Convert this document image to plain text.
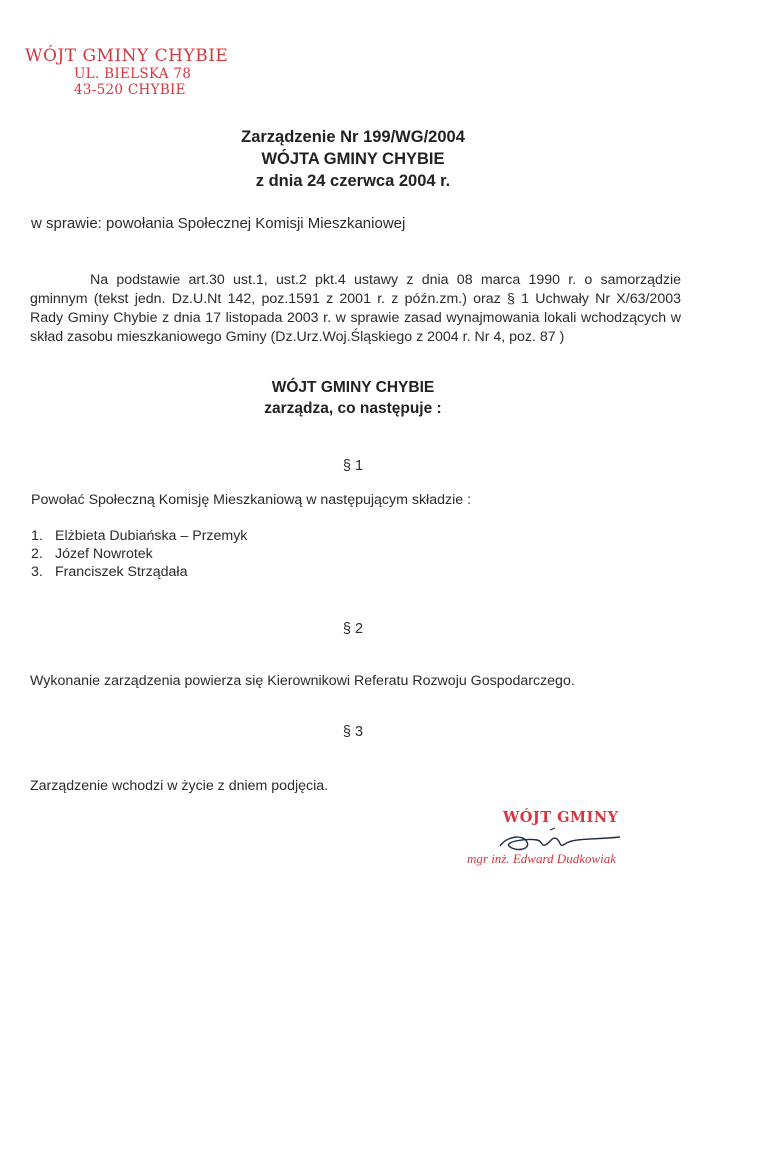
WÓJT GMINY CHYBIE
UL. BIELSKA 78
43-520 CHYBIE
Zarządzenie Nr 199/WG/2004
WÓJTA GMINY CHYBIE
z dnia 24 czerwca 2004 r.
w sprawie: powołania Społecznej Komisji Mieszkaniowej
Na podstawie art.30 ust.1, ust.2 pkt.4 ustawy z dnia 08 marca 1990 r. o samorządzie gminnym (tekst jedn. Dz.U.Nt 142, poz.1591 z 2001 r. z późn.zm.) oraz § 1 Uchwały Nr X/63/2003 Rady Gminy Chybie z dnia 17 listopada 2003 r. w sprawie zasad wynajmowania lokali wchodzących w skład zasobu mieszkaniowego Gminy (Dz.Urz.Woj.Śląskiego z 2004 r. Nr 4, poz. 87 )
WÓJT GMINY CHYBIE
zarządza, co następuje :
§ 1
Powołać Społeczną Komisję Mieszkaniową w następującym składzie :
1. Elżbieta Dubiańska – Przemyk
2. Józef Nowrotek
3. Franciszek Strządała
§ 2
Wykonanie zarządzenia powierza się Kierownikowi Referatu Rozwoju Gospodarczego.
§ 3
Zarządzenie wchodzi w życie z dniem podjęcia.
WÓJT GMINY
mgr inż. Edward Dudkowiak
